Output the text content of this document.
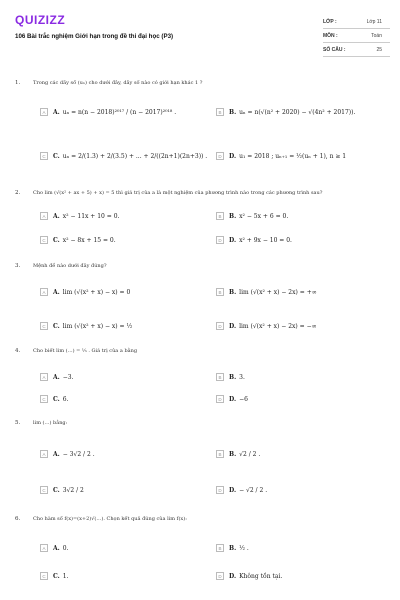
QUIZIZZ
106 Bài trắc nghiệm Giới hạn trong đề thi đại học (P3)
LỚP :	Lớp 11
MÔN :	Toán
SỐ CÂU :	25
1.	Trong các dãy số (uₙ) cho dưới đây, dãy số nào có giới hạn khác 1 ?
A	A. uₙ = n(n − 2018)²⁰¹⁷ / (n − 2017)²⁰¹⁸ .	B	B. uₙ = n(√(n² + 2020) − √(4n² + 2017)).
C	C. uₙ = 2/(1.3) + 2/(3.5) + ... + 2/((2n+1)(2n+3)) .	D	D. u₁ = 2018 ; uₙ₊₁ = ½(uₙ + 1), n ≥ 1
2.	Cho lim (√(x² + ax + 5) + x) = 5 thì giá trị của a là một nghiệm của phương trình nào trong các phương trình sau?
A	A. x² − 11x + 10 = 0.	B	B. x² − 5x + 6 = 0.
C	C. x² − 8x + 15 = 0.	D	D. x² + 9x − 10 = 0.
3.	Mệnh đề nào dưới đây đúng?
A	A. lim (√(x² + x) − x) = 0	B	B. lim (√(x² + x) − 2x) = +∞
C	C. lim (√(x² + x) − x) = ½	D	D. lim (√(x² + x) − 2x) = −∞
4.	Cho biết lim (…) = ⅓ . Giá trị của a bằng
A	A. −3.	B	B. 3.
C	C. 6.	D	D. −6
5.	lim (…) bằng:
A	A. − 3√2 / 2 .	B	B. √2 / 2 .
C	C. 3√2 / 2	D	D. − √2 / 2 .
6.	Cho hàm số f(x)=(x+2)√(…). Chọn kết quả đúng của lim f(x):
A	A. 0.	B	B. ½ .
C	C. 1.	D	D. Không tồn tại.
